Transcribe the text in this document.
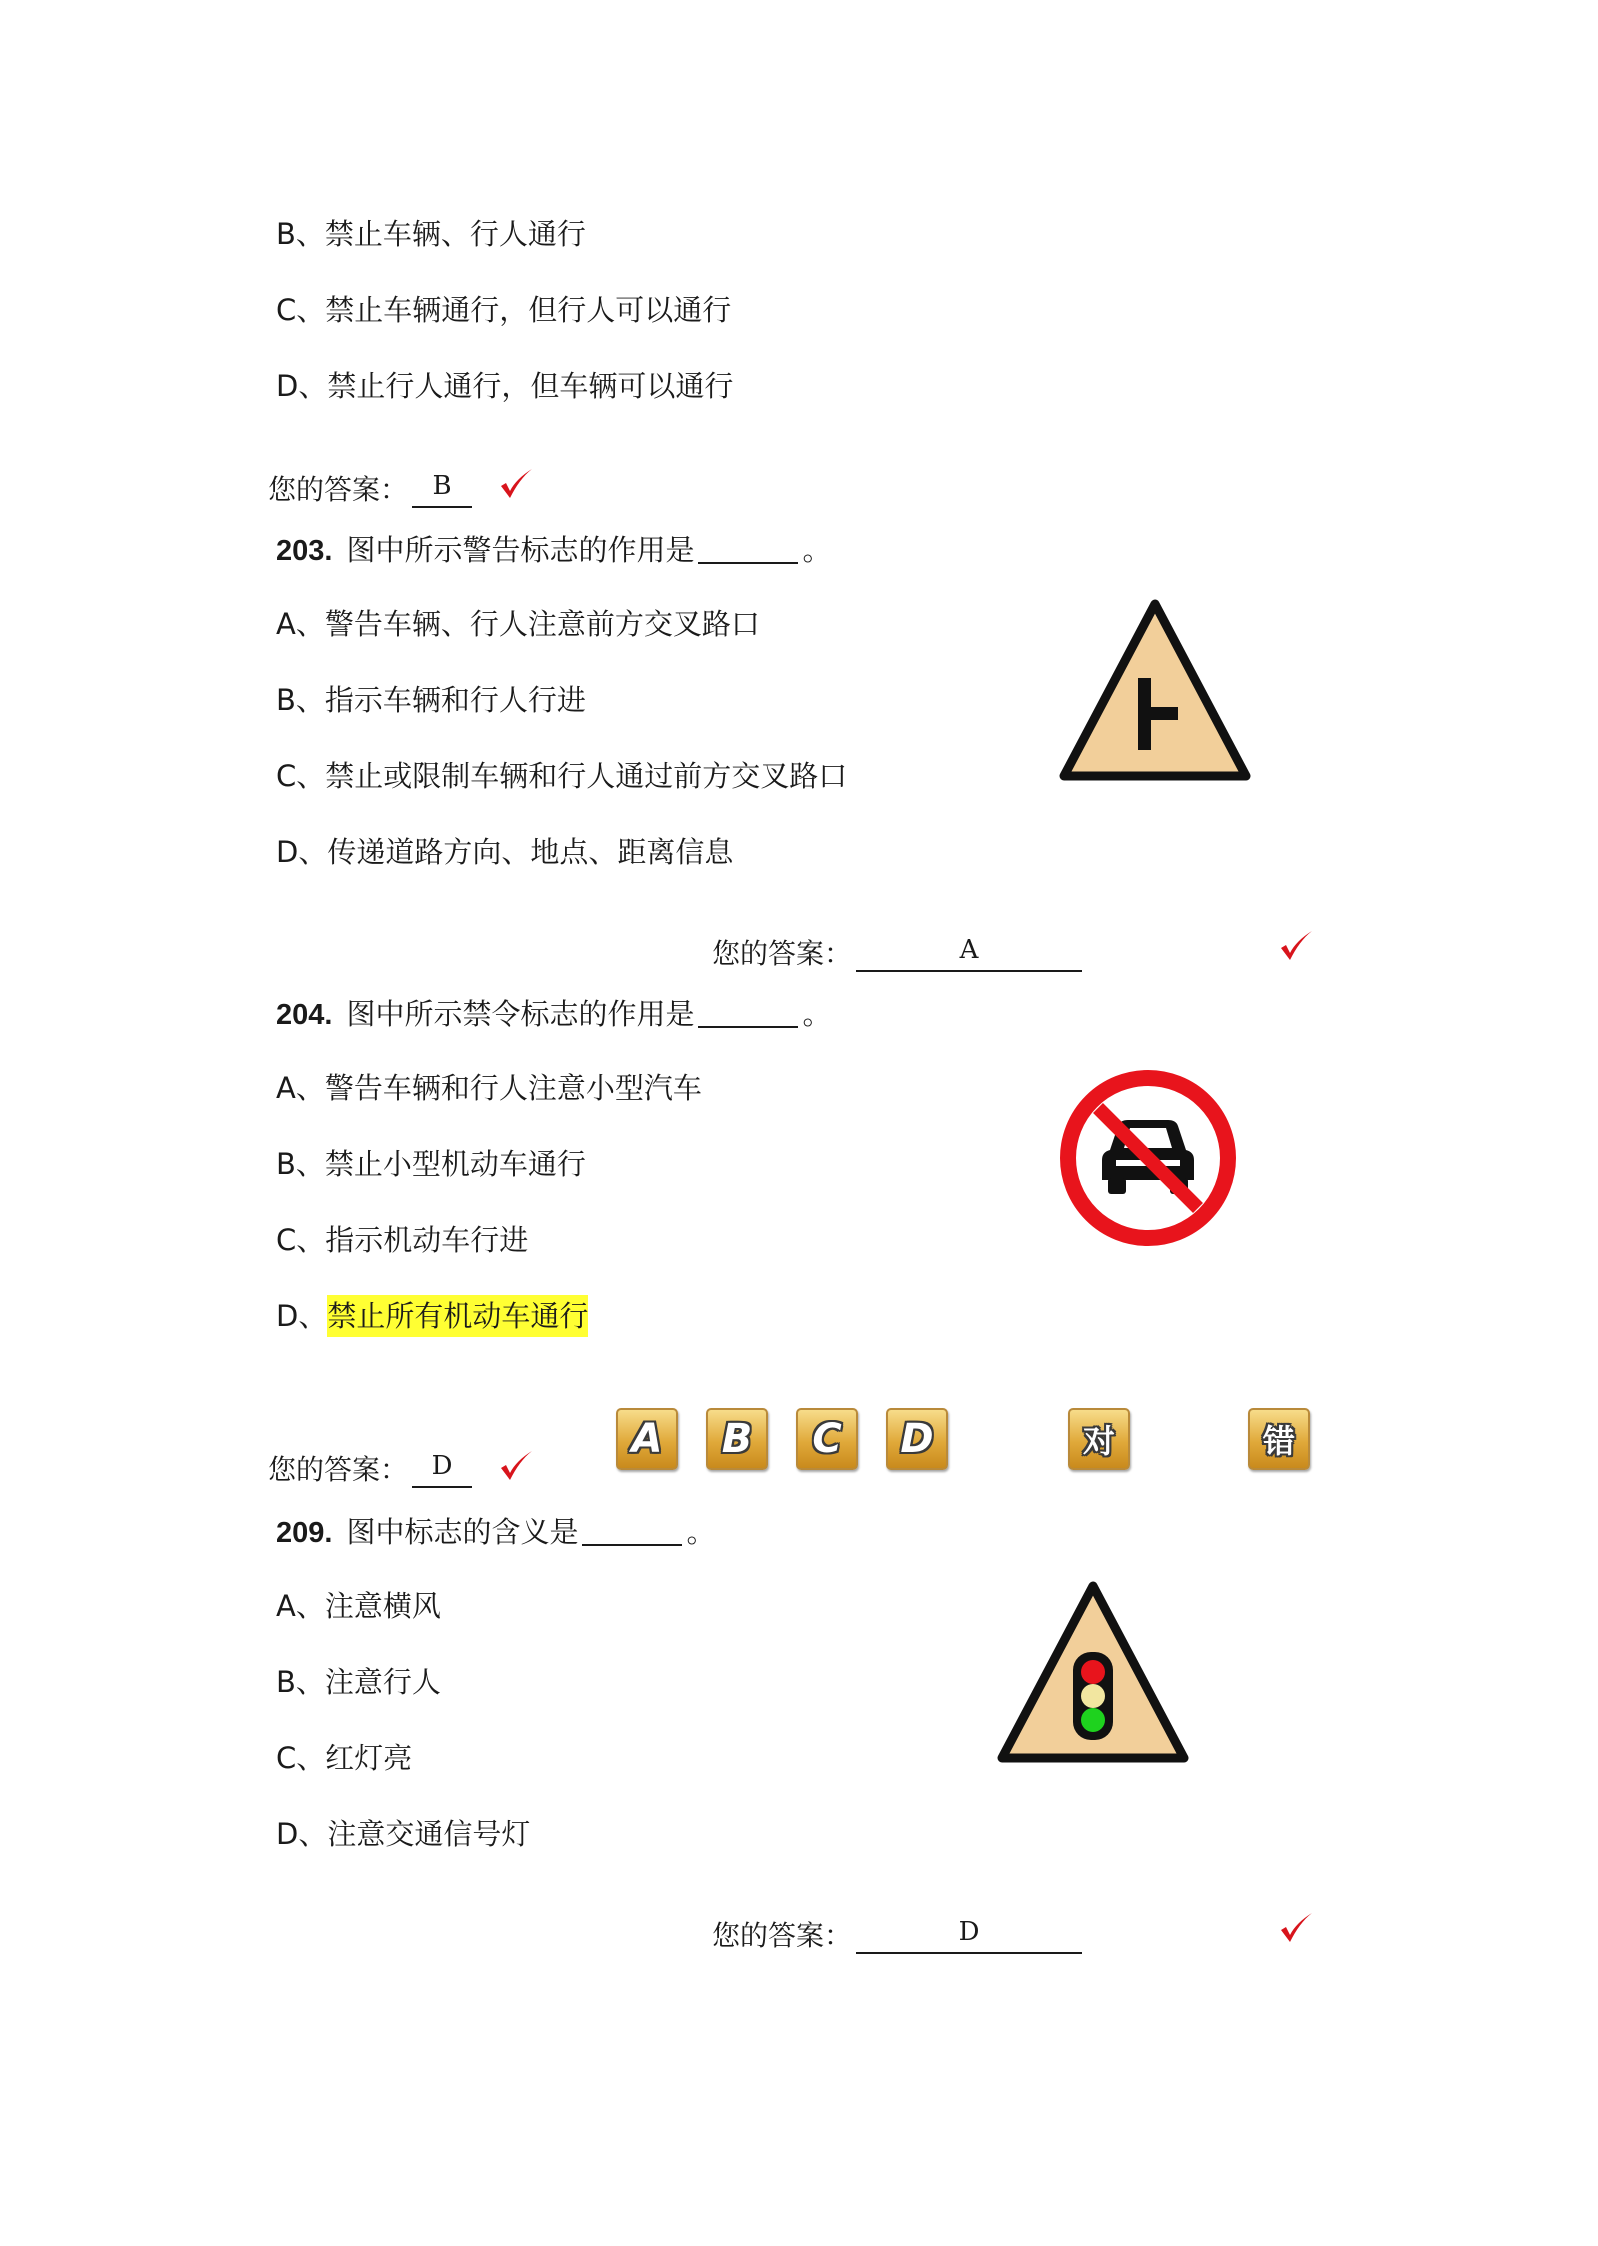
B、禁止车辆、行人通行
C、禁止车辆通行，但行人可以通行
D、禁止行人通行，但车辆可以通行
您的答案： B
203. 图中所示警告标志的作用是	。
A、警告车辆、行人注意前方交叉路口
B、指示车辆和行人行进
C、禁止或限制车辆和行人通过前方交叉路口
D、传递道路方向、地点、距离信息
您的答案：	A
204. 图中所示禁令标志的作用是	。
A、警告车辆和行人注意小型汽车
B、禁止小型机动车通行
C、指示机动车行进
D、禁止所有机动车通行
您的答案： D
A	B	C	D	对	错
209. 图中标志的含义是	。
A、注意横风
B、注意行人
C、红灯亮
D、注意交通信号灯
您的答案：	D
